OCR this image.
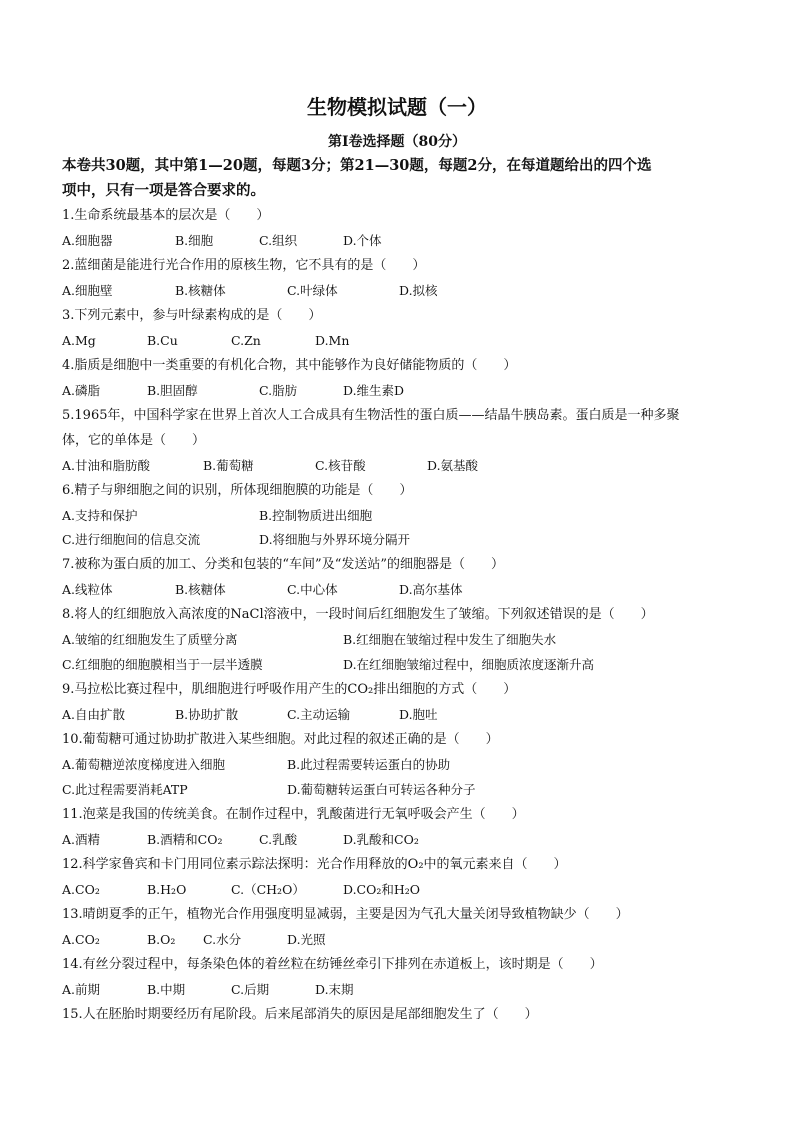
生物模拟试题（一）
第Ⅰ卷选择题（80分）
本卷共30题，其中第1—20题，每题3分；第21—30题，每题2分，在每道题给出的四个选
项中，只有一项是答合要求的。
1.生命系统最基本的层次是（　　）
A.细胞器	B.细胞	C.组织	D.个体
2.蓝细菌是能进行光合作用的原核生物，它不具有的是（　　）
A.细胞壁	B.核糖体	C.叶绿体	D.拟核
3.下列元素中，参与叶绿素构成的是（　　）
A.Mg	B.Cu	C.Zn	D.Mn
4.脂质是细胞中一类重要的有机化合物，其中能够作为良好储能物质的（　　）
A.磷脂	B.胆固醇	C.脂肪	D.维生素D
5.1965年，中国科学家在世界上首次人工合成具有生物活性的蛋白质——结晶牛胰岛素。蛋白质是一种多聚
体，它的单体是（　　）
A.甘油和脂肪酸	B.葡萄糖	C.核苷酸	D.氨基酸
6.精子与卵细胞之间的识别，所体现细胞膜的功能是（　　）
A.支持和保护	B.控制物质进出细胞
C.进行细胞间的信息交流	D.将细胞与外界环境分隔开
7.被称为蛋白质的加工、分类和包装的“车间”及“发送站”的细胞器是（　　）
A.线粒体	B.核糖体	C.中心体	D.高尔基体
8.将人的红细胞放入高浓度的NaCl溶液中，一段时间后红细胞发生了皱缩。下列叙述错误的是（　　）
A.皱缩的红细胞发生了质壁分离	B.红细胞在皱缩过程中发生了细胞失水
C.红细胞的细胞膜相当于一层半透膜	D.在红细胞皱缩过程中，细胞质浓度逐渐升高
9.马拉松比赛过程中，肌细胞进行呼吸作用产生的CO₂排出细胞的方式（　　）
A.自由扩散	B.协助扩散	C.主动运输	D.胞吐
10.葡萄糖可通过协助扩散进入某些细胞。对此过程的叙述正确的是（　　）
A.葡萄糖逆浓度梯度进入细胞	B.此过程需要转运蛋白的协助
C.此过程需要消耗ATP	D.葡萄糖转运蛋白可转运各种分子
11.泡菜是我国的传统美食。在制作过程中，乳酸菌进行无氧呼吸会产生（　　）
A.酒精	B.酒精和CO₂	C.乳酸	D.乳酸和CO₂
12.科学家鲁宾和卡门用同位素示踪法探明：光合作用释放的O₂中的氧元素来自（　　）
A.CO₂	B.H₂O	C.（CH₂O）	D.CO₂和H₂O
13.晴朗夏季的正午，植物光合作用强度明显减弱，主要是因为气孔大量关闭导致植物缺少（　　）
A.CO₂	B.O₂ C.水分	D.光照
14.有丝分裂过程中，每条染色体的着丝粒在纺锤丝牵引下排列在赤道板上，该时期是（　　）
A.前期	B.中期	C.后期	D.末期
15.人在胚胎时期要经历有尾阶段。后来尾部消失的原因是尾部细胞发生了（　　）
